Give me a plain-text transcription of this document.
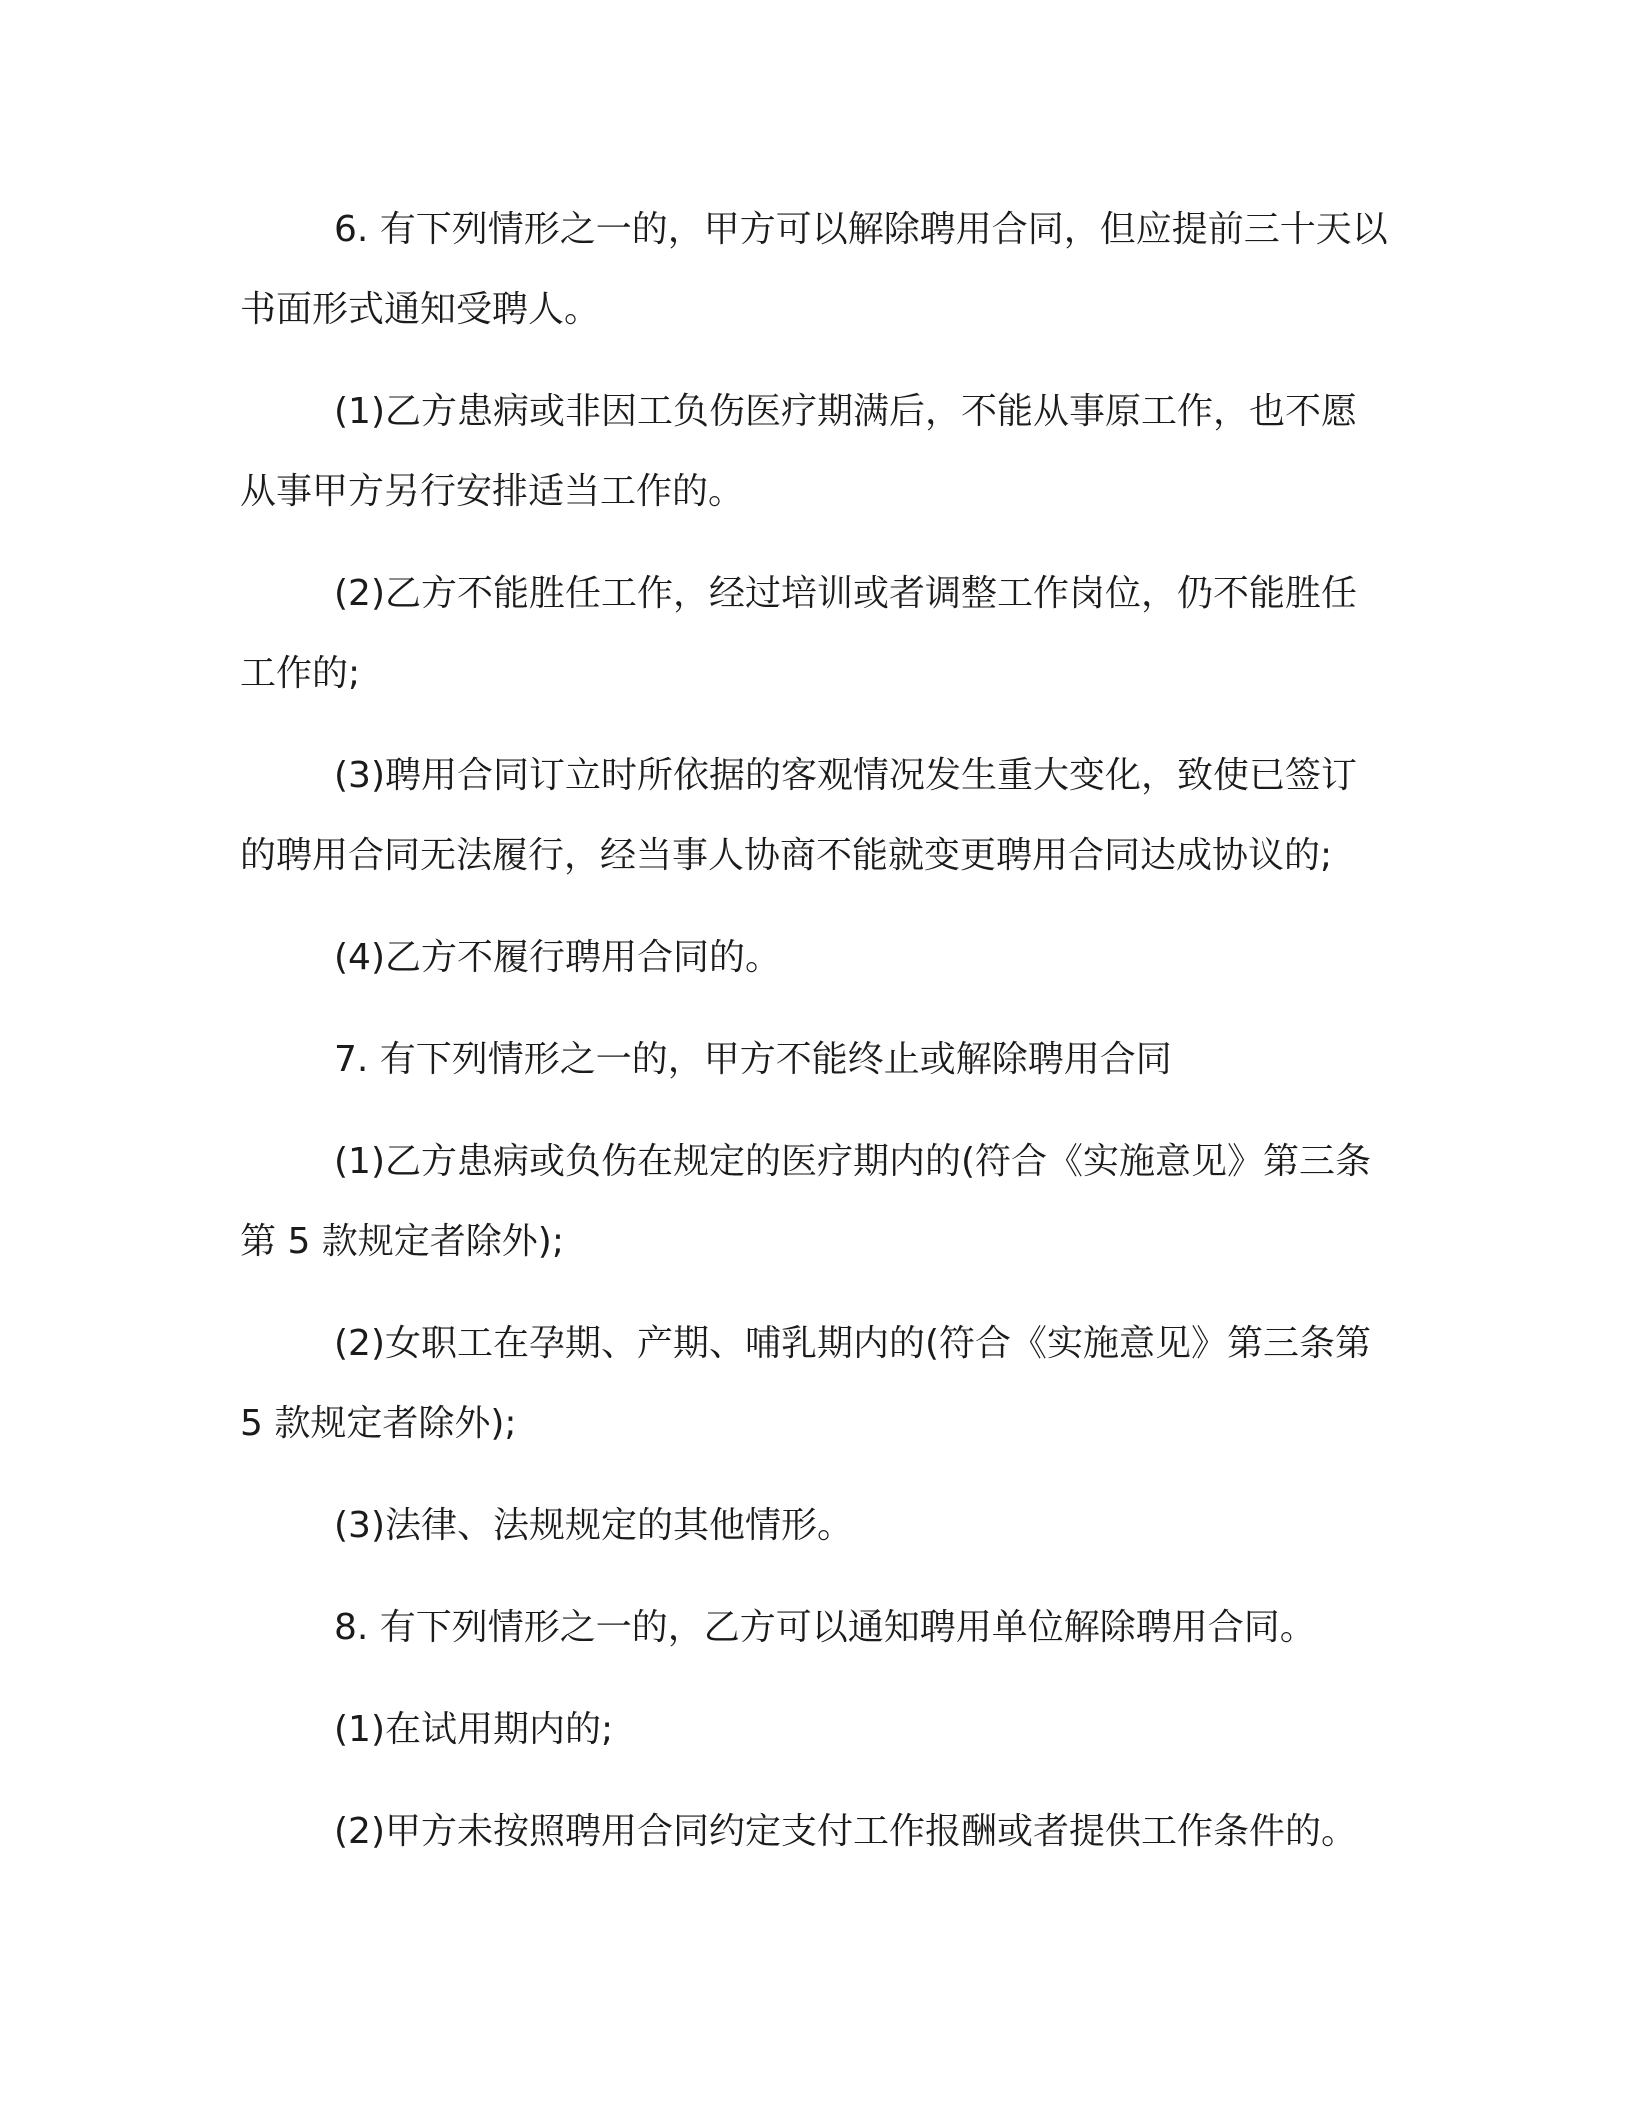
6. 有下列情形之一的，甲方可以解除聘用合同，但应提前三十天以书面形式通知受聘人。

(1)乙方患病或非因工负伤医疗期满后，不能从事原工作，也不愿从事甲方另行安排适当工作的。

(2)乙方不能胜任工作，经过培训或者调整工作岗位，仍不能胜任工作的;

(3)聘用合同订立时所依据的客观情况发生重大变化，致使已签订的聘用合同无法履行，经当事人协商不能就变更聘用合同达成协议的;

(4)乙方不履行聘用合同的。

7. 有下列情形之一的，甲方不能终止或解除聘用合同

(1)乙方患病或负伤在规定的医疗期内的(符合《实施意见》第三条第 5 款规定者除外);

(2)女职工在孕期、产期、哺乳期内的(符合《实施意见》第三条第 5 款规定者除外);

(3)法律、法规规定的其他情形。

8. 有下列情形之一的，乙方可以通知聘用单位解除聘用合同。

(1)在试用期内的;

(2)甲方未按照聘用合同约定支付工作报酬或者提供工作条件的。
